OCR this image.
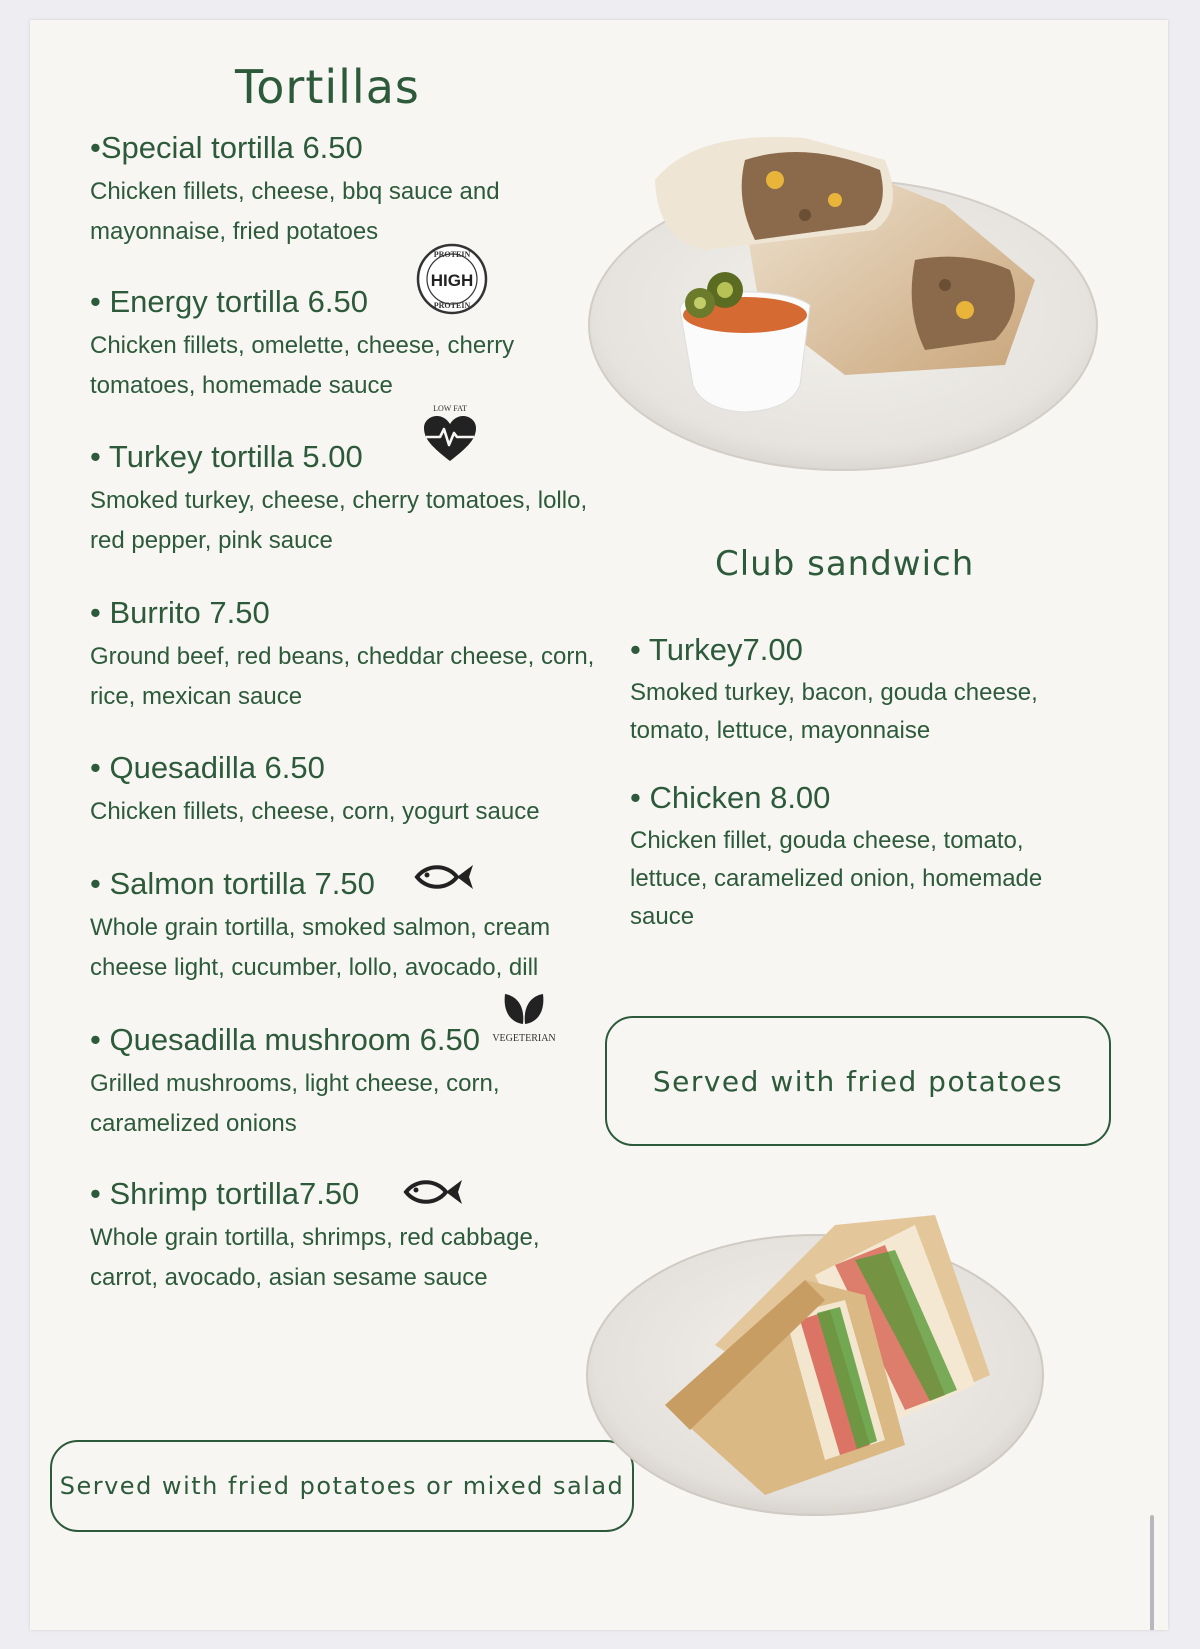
Tortillas

•Special tortilla 6.50

Chicken fillets, cheese, bbq sauce and mayonnaise, fried potatoes

• Energy tortilla 6.50

Chicken fillets, omelette, cheese, cherry tomatoes, homemade sauce

• Turkey tortilla 5.00

Smoked turkey, cheese, cherry tomatoes, lollo, red pepper, pink sauce

• Burrito 7.50

Ground beef, red beans, cheddar cheese, corn, rice, mexican sauce

• Quesadilla 6.50

Chicken fillets, cheese, corn, yogurt sauce

• Salmon tortilla 7.50

Whole grain tortilla, smoked salmon, cream cheese light, cucumber, lollo, avocado, dill

• Quesadilla mushroom 6.50

Grilled mushrooms, light cheese, corn, caramelized onions

• Shrimp tortilla7.50

Whole grain tortilla, shrimps, red cabbage, carrot, avocado, asian sesame sauce
PROTEIN
HIGH
PROTEIN
LOW FAT
VEGETERIAN
Served with fried potatoes or mixed salad
Club sandwich

• Turkey7.00

Smoked turkey, bacon, gouda cheese, tomato, lettuce, mayonnaise

• Chicken 8.00

Chicken fillet, gouda cheese, tomato, lettuce, caramelized onion, homemade sauce
Served with fried potatoes
